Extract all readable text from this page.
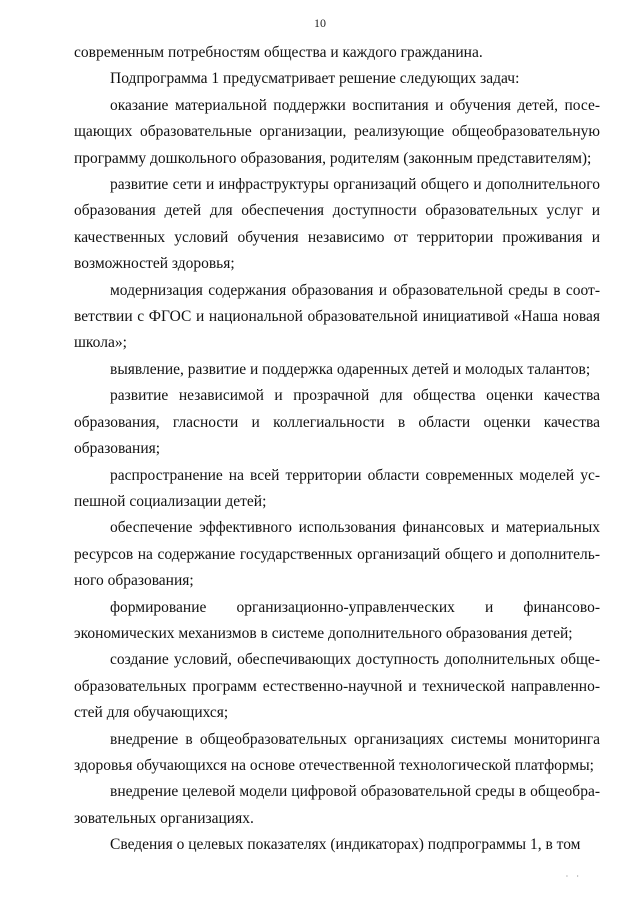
10

современным потребностям общества и каждого гражданина.

Подпрограмма 1 предусматривает решение следующих задач:

оказание материальной поддержки воспитания и обучения детей, посещающих образовательные организации, реализующие общеобразовательную программу дошкольного образования, родителям (законным представителям);

развитие сети и инфраструктуры организаций общего и дополнительного образования детей для обеспечения доступности образовательных услуг и качественных условий обучения независимо от территории проживания и возможностей здоровья;

модернизация содержания образования и образовательной среды в соответствии с ФГОС и национальной образовательной инициативой «Наша новая школа»;

выявление, развитие и поддержка одаренных детей и молодых талантов;

развитие независимой и прозрачной для общества оценки качества образования, гласности и коллегиальности в области оценки качества образования;

распространение на всей территории области современных моделей успешной социализации детей;

обеспечение эффективного использования финансовых и материальных ресурсов на содержание государственных организаций общего и дополнительного образования;

формирование организационно-управленческих и финансово-экономических механизмов в системе дополнительного образования детей;

создание условий, обеспечивающих доступность дополнительных общеобразовательных программ естественно-научной и технической направленностей для обучающихся;

внедрение в общеобразовательных организациях системы мониторинга здоровья обучающихся на основе отечественной технологической платформы;

внедрение целевой модели цифровой образовательной среды в общеобразовательных организациях.

Сведения о целевых показателях (индикаторах) подпрограммы 1, в том

· ·
